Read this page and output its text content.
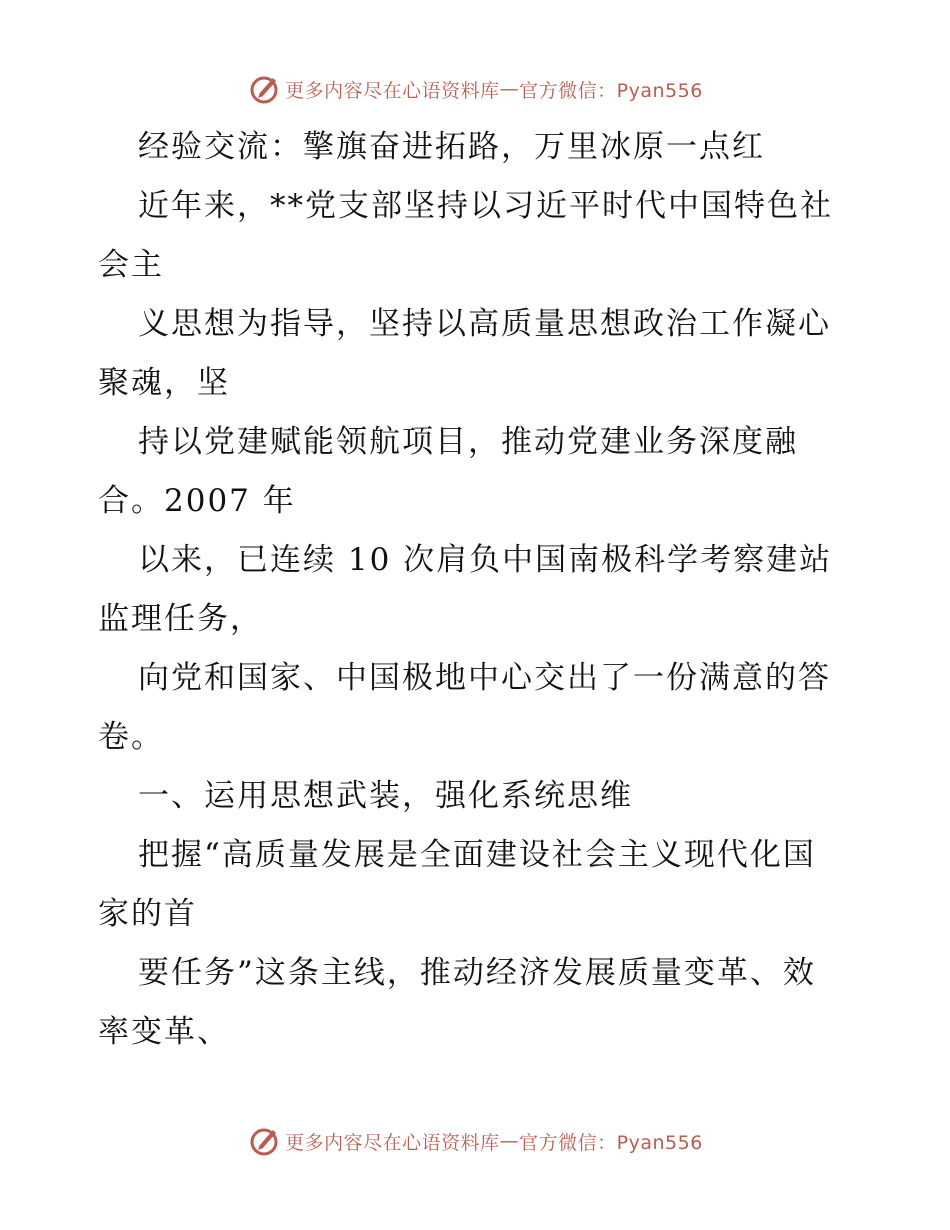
更多内容尽在心语资料库 — 官方微信：Pyan556
经验交流：擎旗奋进拓路，万里冰原一点红
近年来，**党支部坚持以习近平时代中国特色社
会主
义思想为指导，坚持以高质量思想政治工作凝心
聚魂，坚
持以党建赋能领航项目，推动党建业务深度融
合。2007 年
以来，已连续 10 次肩负中国南极科学考察建站
监理任务，
向党和国家、中国极地中心交出了一份满意的答
卷。
一、运用思想武装，强化系统思维
把握“高质量发展是全面建设社会主义现代化国
家的首
要任务”这条主线，推动经济发展质量变革、效
率变革、
更多内容尽在心语资料库 — 官方微信：Pyan556
